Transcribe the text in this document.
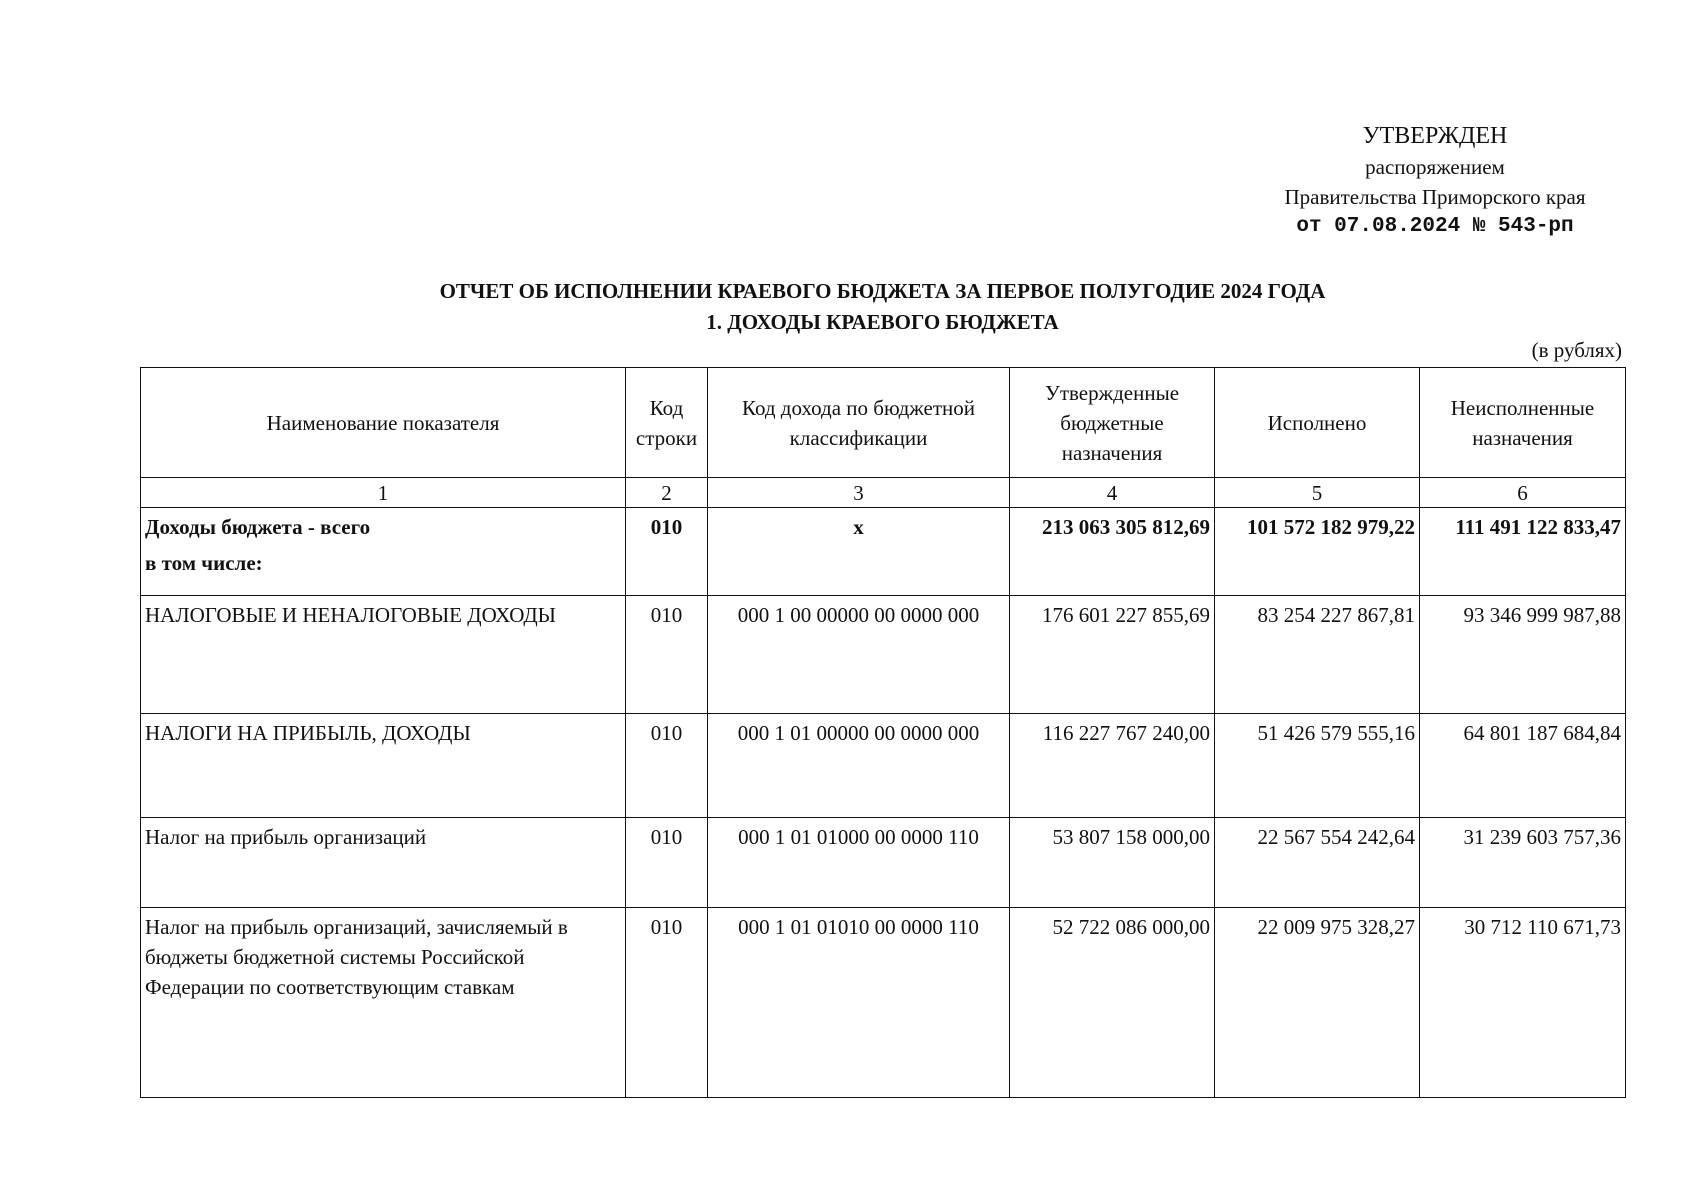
УТВЕРЖДЕН
распоряжением
Правительства Приморского края
от 07.08.2024 № 543-рп
ОТЧЕТ ОБ ИСПОЛНЕНИИ КРАЕВОГО БЮДЖЕТА ЗА ПЕРВОЕ ПОЛУГОДИЕ 2024 ГОДА
1. ДОХОДЫ КРАЕВОГО БЮДЖЕТА
(в рублях)
Наименование показателя	Код строки	Код дохода по бюджетной классификации	Утвержденные бюджетные назначения	Исполнено	Неисполненные назначения
1	2	3	4	5	6
Доходы бюджета - всего
в том числе:	010	x	213 063 305 812,69	101 572 182 979,22	111 491 122 833,47
НАЛОГОВЫЕ И НЕНАЛОГОВЫЕ ДОХОДЫ	010	000 1 00 00000 00 0000 000	176 601 227 855,69	83 254 227 867,81	93 346 999 987,88
НАЛОГИ НА ПРИБЫЛЬ, ДОХОДЫ	010	000 1 01 00000 00 0000 000	116 227 767 240,00	51 426 579 555,16	64 801 187 684,84
Налог на прибыль организаций	010	000 1 01 01000 00 0000 110	53 807 158 000,00	22 567 554 242,64	31 239 603 757,36
Налог на прибыль организаций, зачисляемый в бюджеты бюджетной системы Российской Федерации по соответствующим ставкам	010	000 1 01 01010 00 0000 110	52 722 086 000,00	22 009 975 328,27	30 712 110 671,73
